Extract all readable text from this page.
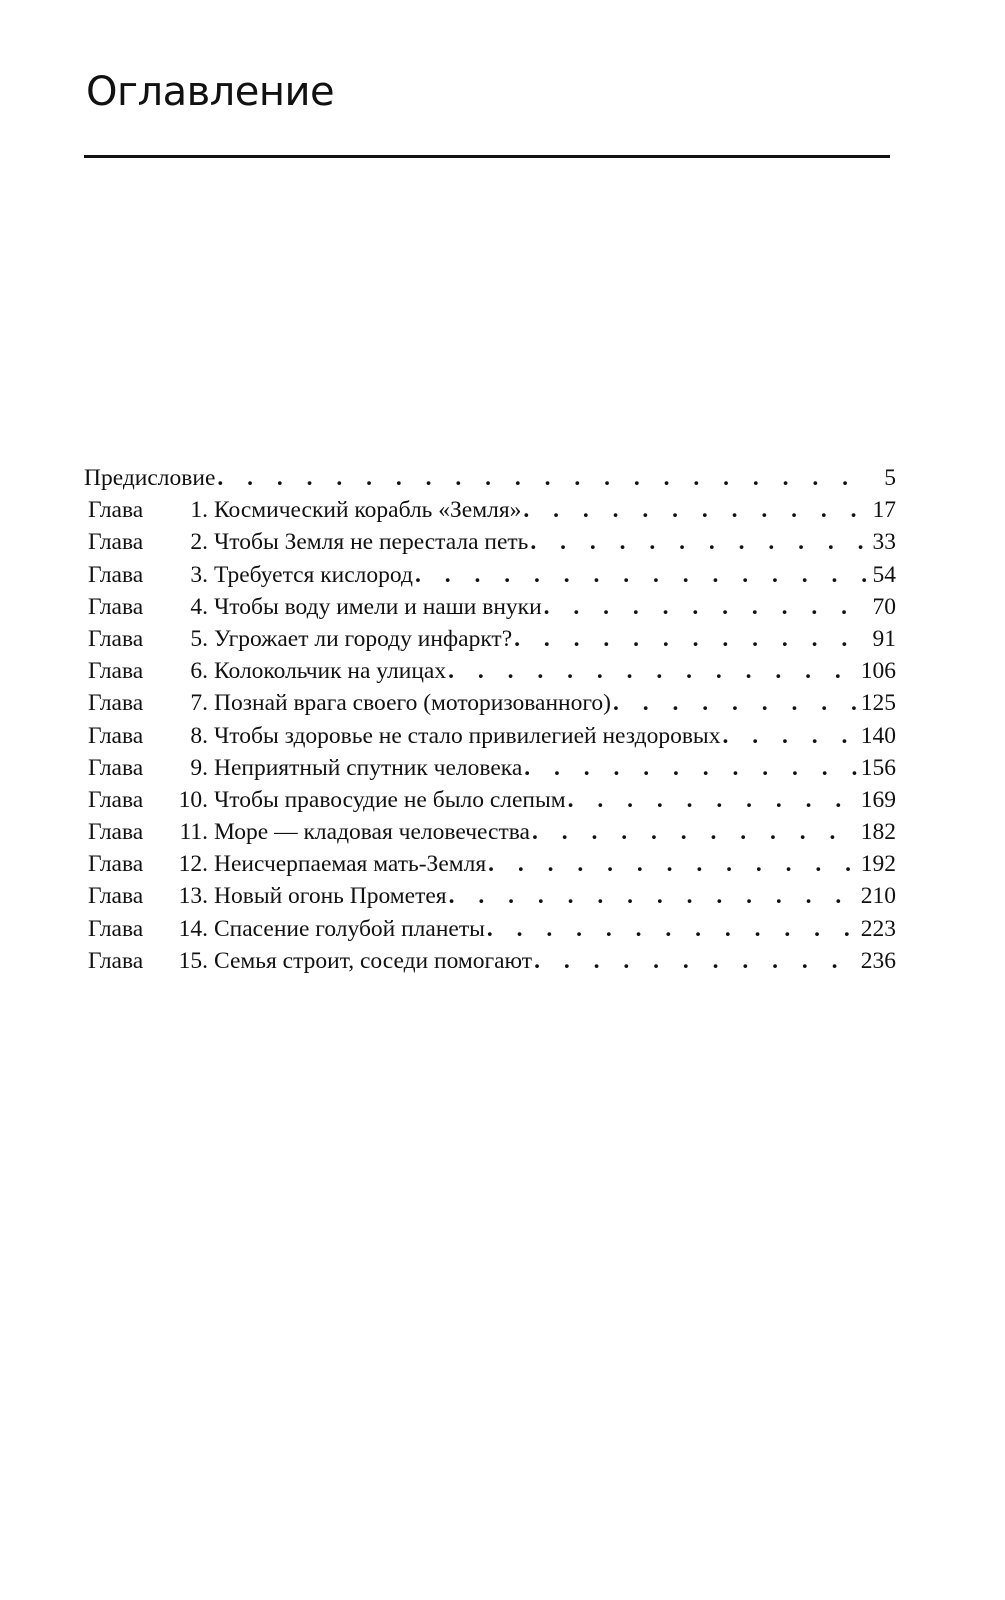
Оглавление
Предисловие . . .	5
Глава	1. Космический корабль «Земля» . . .	17
Глава	2. Чтобы Земля не перестала петь . . .	33
Глава	3. Требуется кислород . . .	54
Глава	4. Чтобы воду имели и наши внуки . . .	70
Глава	5. Угрожает ли городу инфаркт? . . .	91
Глава	6. Колокольчик на улицах . . .	106
Глава	7. Познай врага своего (моторизованного) . . .	125
Глава	8. Чтобы здоровье не стало привилегией нездоровых . . .	140
Глава	9. Неприятный спутник человека . . .	156
Глава	10. Чтобы правосудие не было слепым . . .	169
Глава	11. Море — кладовая человечества . . .	182
Глава	12. Неисчерпаемая мать-Земля . . .	192
Глава	13. Новый огонь Прометея . . .	210
Глава	14. Спасение голубой планеты . . .	223
Глава	15. Семья строит, соседи помогают . . .	236
